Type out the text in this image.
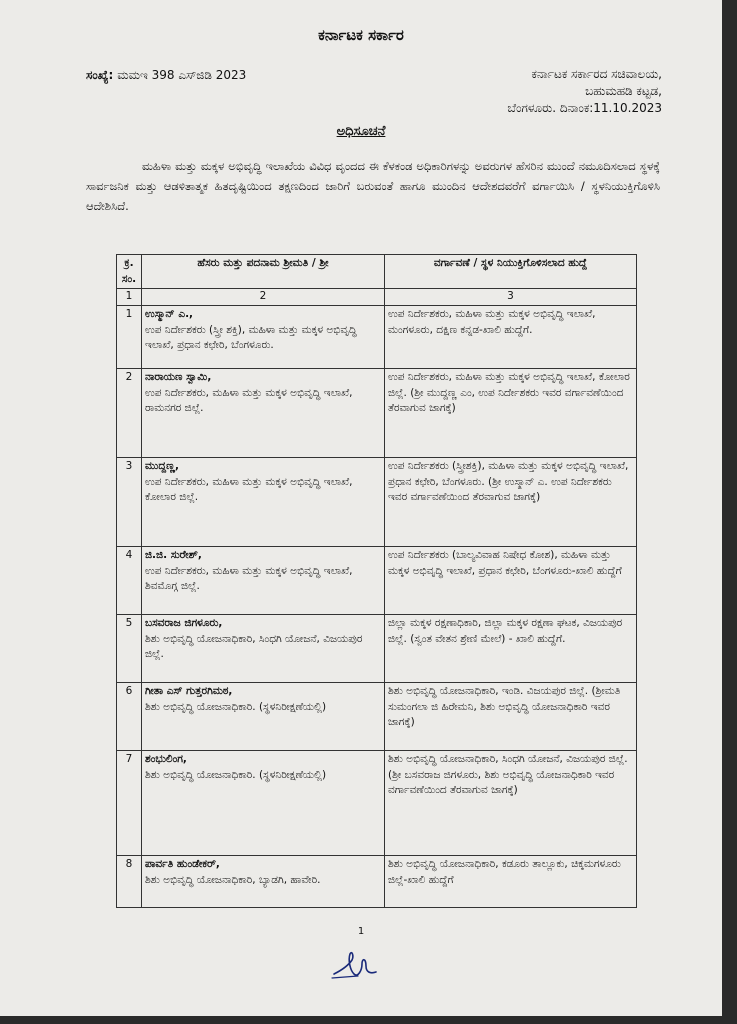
ಕರ್ನಾಟಕ ಸರ್ಕಾರ
ಸಂಖ್ಯೆ: ಮಮಇ 398 ಎಸ್‌ಜಿಡಿ 2023	ಕರ್ನಾಟಕ ಸರ್ಕಾರದ ಸಚಿವಾಲಯ,
ಬಹುಮಹಡಿ ಕಟ್ಟಡ,
ಬೆಂಗಳೂರು. ದಿನಾಂಕ:11.10.2023
ಅಧಿಸೂಚನೆ
ಮಹಿಳಾ ಮತ್ತು ಮಕ್ಕಳ ಅಭಿವೃದ್ಧಿ ಇಲಾಖೆಯ ವಿವಿಧ ವೃಂದದ ಈ ಕೆಳಕಂಡ ಅಧಿಕಾರಿಗಳನ್ನು ಅವರುಗಳ ಹೆಸರಿನ ಮುಂದೆ ನಮೂದಿಸಲಾದ ಸ್ಥಳಕ್ಕೆ ಸಾರ್ವಜನಿಕ ಮತ್ತು ಆಡಳಿತಾತ್ಮಕ ಹಿತದೃಷ್ಟಿಯಿಂದ ತಕ್ಷಣದಿಂದ ಜಾರಿಗೆ ಬರುವಂತೆ ಹಾಗೂ ಮುಂದಿನ ಆದೇಶದವರೆಗೆ ವರ್ಗಾಯಿಸಿ / ಸ್ಥಳನಿಯುಕ್ತಿಗೊಳಿಸಿ ಆದೇಶಿಸಿದೆ.
ಕ್ರ. ಸಂ.	ಹೆಸರು ಮತ್ತು ಪದನಾಮ ಶ್ರೀಮತಿ / ಶ್ರೀ	ವರ್ಗಾವಣೆ / ಸ್ಥಳ ನಿಯುಕ್ತಿಗೊಳಿಸಲಾದ ಹುದ್ದೆ
1	2	3
1	ಉಸ್ಮಾನ್ ಎ.,
ಉಪ ನಿರ್ದೇಶಕರು (ಸ್ತ್ರೀ ಶಕ್ತಿ), ಮಹಿಳಾ ಮತ್ತು ಮಕ್ಕಳ ಅಭಿವೃದ್ಧಿ ಇಲಾಖೆ, ಪ್ರಧಾನ ಕಛೇರಿ, ಬೆಂಗಳೂರು.	ಉಪ ನಿರ್ದೇಶಕರು, ಮಹಿಳಾ ಮತ್ತು ಮಕ್ಕಳ ಅಭಿವೃದ್ಧಿ ಇಲಾಖೆ, ಮಂಗಳೂರು, ದಕ್ಷಿಣ ಕನ್ನಡ-ಖಾಲಿ ಹುದ್ದೆಗೆ.
2	ನಾರಾಯಣ ಸ್ವಾಮಿ,
ಉಪ ನಿರ್ದೇಶಕರು, ಮಹಿಳಾ ಮತ್ತು ಮಕ್ಕಳ ಅಭಿವೃದ್ಧಿ ಇಲಾಖೆ, ರಾಮನಗರ ಜಿಲ್ಲೆ.	ಉಪ ನಿರ್ದೇಶಕರು, ಮಹಿಳಾ ಮತ್ತು ಮಕ್ಕಳ ಅಭಿವೃದ್ಧಿ ಇಲಾಖೆ, ಕೋಲಾರ ಜಿಲ್ಲೆ. (ಶ್ರೀ ಮುದ್ದಣ್ಣ ಎಂ, ಉಪ ನಿರ್ದೇಶಕರು ಇವರ ವರ್ಗಾವಣೆಯಿಂದ ತೆರವಾಗುವ ಜಾಗಕ್ಕೆ)
3	ಮುದ್ದಣ್ಣ,
ಉಪ ನಿರ್ದೇಶಕರು, ಮಹಿಳಾ ಮತ್ತು ಮಕ್ಕಳ ಅಭಿವೃದ್ಧಿ ಇಲಾಖೆ, ಕೋಲಾರ ಜಿಲ್ಲೆ.	ಉಪ ನಿರ್ದೇಶಕರು (ಸ್ತ್ರೀಶಕ್ತಿ), ಮಹಿಳಾ ಮತ್ತು ಮಕ್ಕಳ ಅಭಿವೃದ್ಧಿ ಇಲಾಖೆ, ಪ್ರಧಾನ ಕಛೇರಿ, ಬೆಂಗಳೂರು. (ಶ್ರೀ ಉಸ್ಮಾನ್ ಎ. ಉಪ ನಿರ್ದೇಶಕರು ಇವರ ವರ್ಗಾವಣೆಯಿಂದ ತೆರವಾಗುವ ಜಾಗಕ್ಕೆ)
4	ಜಿ.ಜಿ. ಸುರೇಶ್,
ಉಪ ನಿರ್ದೇಶಕರು, ಮಹಿಳಾ ಮತ್ತು ಮಕ್ಕಳ ಅಭಿವೃದ್ಧಿ ಇಲಾಖೆ, ಶಿವಮೊಗ್ಗ ಜಿಲ್ಲೆ.	ಉಪ ನಿರ್ದೇಶಕರು (ಬಾಲ್ಯವಿವಾಹ ನಿಷೇಧ ಕೋಶ), ಮಹಿಳಾ ಮತ್ತು ಮಕ್ಕಳ ಅಭಿವೃದ್ಧಿ ಇಲಾಖೆ, ಪ್ರಧಾನ ಕಛೇರಿ, ಬೆಂಗಳೂರು-ಖಾಲಿ ಹುದ್ದೆಗೆ
5	ಬಸವರಾಜ ಜಿಗಳೂರು,
ಶಿಶು ಅಭಿವೃದ್ಧಿ ಯೋಜನಾಧಿಕಾರಿ, ಸಿಂಧಗಿ ಯೋಜನೆ, ವಿಜಯಪುರ ಜಿಲ್ಲೆ.	ಜಿಲ್ಲಾ ಮಕ್ಕಳ ರಕ್ಷಣಾಧಿಕಾರಿ, ಜಿಲ್ಲಾ ಮಕ್ಕಳ ರಕ್ಷಣಾ ಘಟಕ, ವಿಜಯಪುರ ಜಿಲ್ಲೆ. (ಸ್ವಂತ ವೇತನ ಶ್ರೇಣಿ ಮೇಲೆ) - ಖಾಲಿ ಹುದ್ದೆಗೆ.
6	ಗೀತಾ ಎಸ್ ಗುತ್ತರಗಿಮಠ,
ಶಿಶು ಅಭಿವೃದ್ಧಿ ಯೋಜನಾಧಿಕಾರಿ. (ಸ್ಥಳನಿರೀಕ್ಷಣೆಯಲ್ಲಿ)	ಶಿಶು ಅಭಿವೃದ್ಧಿ ಯೋಜನಾಧಿಕಾರಿ, ಇಂಡಿ. ವಿಜಯಪುರ ಜಿಲ್ಲೆ. (ಶ್ರೀಮತಿ ಸುಮಂಗಲಾ ಜಿ ಹಿರೇಮನಿ, ಶಿಶು ಅಭಿವೃದ್ಧಿ ಯೋಜನಾಧಿಕಾರಿ ಇವರ ಜಾಗಕ್ಕೆ)
7	ಶಂಭುಲಿಂಗ,
ಶಿಶು ಅಭಿವೃದ್ಧಿ ಯೋಜನಾಧಿಕಾರಿ. (ಸ್ಥಳನಿರೀಕ್ಷಣೆಯಲ್ಲಿ)	ಶಿಶು ಅಭಿವೃದ್ಧಿ ಯೋಜನಾಧಿಕಾರಿ, ಸಿಂಧಗಿ ಯೋಜನೆ, ವಿಜಯಪುರ ಜಿಲ್ಲೆ. (ಶ್ರೀ ಬಸವರಾಜ ಜಿಗಳೂರು, ಶಿಶು ಅಭಿವೃದ್ಧಿ ಯೋಜನಾಧಿಕಾರಿ ಇವರ ವರ್ಗಾವಣೆಯಿಂದ ತೆರವಾಗುವ ಜಾಗಕ್ಕೆ)
8	ಪಾರ್ವತಿ ಹುಂಡೇಕರ್,
ಶಿಶು ಅಭಿವೃದ್ಧಿ ಯೋಜನಾಧಿಕಾರಿ, ಬ್ಯಾಡಗಿ, ಹಾವೇರಿ.	ಶಿಶು ಅಭಿವೃದ್ಧಿ ಯೋಜನಾಧಿಕಾರಿ, ಕಡೂರು ತಾಲ್ಲೂಕು, ಚಿಕ್ಕಮಗಳೂರು ಜಿಲ್ಲೆ-ಖಾಲಿ ಹುದ್ದೆಗೆ
1
